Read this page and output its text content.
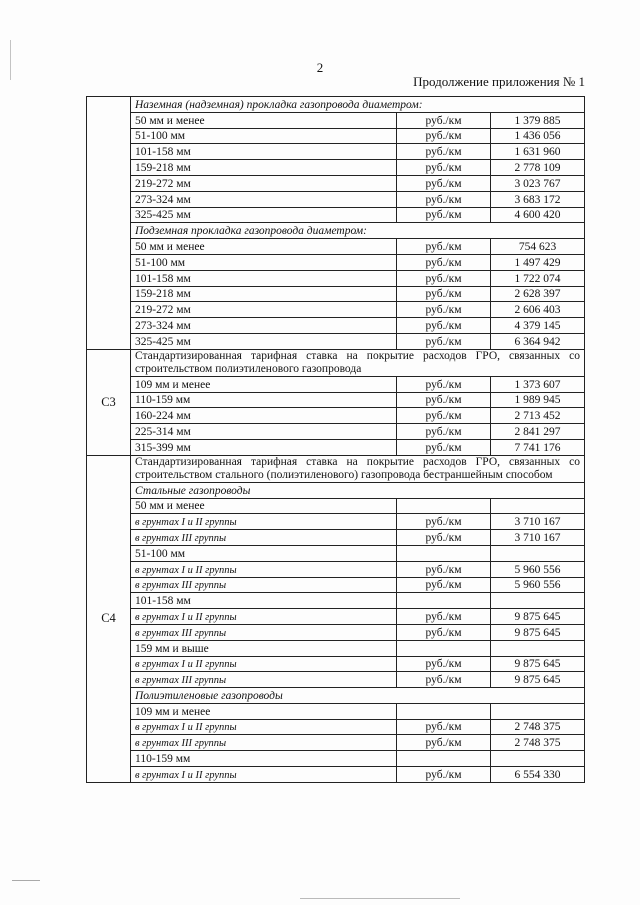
2
Продолжение приложения № 1
	Наземная (надземная) прокладка газопровода диаметром:		
	50 мм и менее	руб./км	1 379 885
	51-100 мм	руб./км	1 436 056
	101-158 мм	руб./км	1 631 960
	159-218 мм	руб./км	2 778 109
	219-272 мм	руб./км	3 023 767
	273-324 мм	руб./км	3 683 172
	325-425 мм	руб./км	4 600 420
	Подземная прокладка газопровода диаметром:		
	50 мм и менее	руб./км	754 623
	51-100 мм	руб./км	1 497 429
	101-158 мм	руб./км	1 722 074
	159-218 мм	руб./км	2 628 397
	219-272 мм	руб./км	2 606 403
	273-324 мм	руб./км	4 379 145
	325-425 мм	руб./км	6 364 942
С3	Стандартизированная тарифная ставка на покрытие расходов ГРО, связанных со строительством полиэтиленового газопровода		
	109 мм и менее	руб./км	1 373 607
	110-159 мм	руб./км	1 989 945
	160-224 мм	руб./км	2 713 452
	225-314 мм	руб./км	2 841 297
	315-399 мм	руб./км	7 741 176
С4	Стандартизированная тарифная ставка на покрытие расходов ГРО, связанных со строительством стального (полиэтиленового) газопровода бестраншейным способом		
	Стальные газопроводы		
	50 мм и менее		
	в грунтах I и II группы	руб./км	3 710 167
	в грунтах III группы	руб./км	3 710 167
	51-100 мм		
	в грунтах I и II группы	руб./км	5 960 556
	в грунтах III группы	руб./км	5 960 556
	101-158 мм		
	в грунтах I и II группы	руб./км	9 875 645
	в грунтах III группы	руб./км	9 875 645
	159 мм и выше		
	в грунтах I и II группы	руб./км	9 875 645
	в грунтах III группы	руб./км	9 875 645
	Полиэтиленовые газопроводы		
	109 мм и менее		
	в грунтах I и II группы	руб./км	2 748 375
	в грунтах III группы	руб./км	2 748 375
	110-159 мм		
	в грунтах I и II группы	руб./км	6 554 330
